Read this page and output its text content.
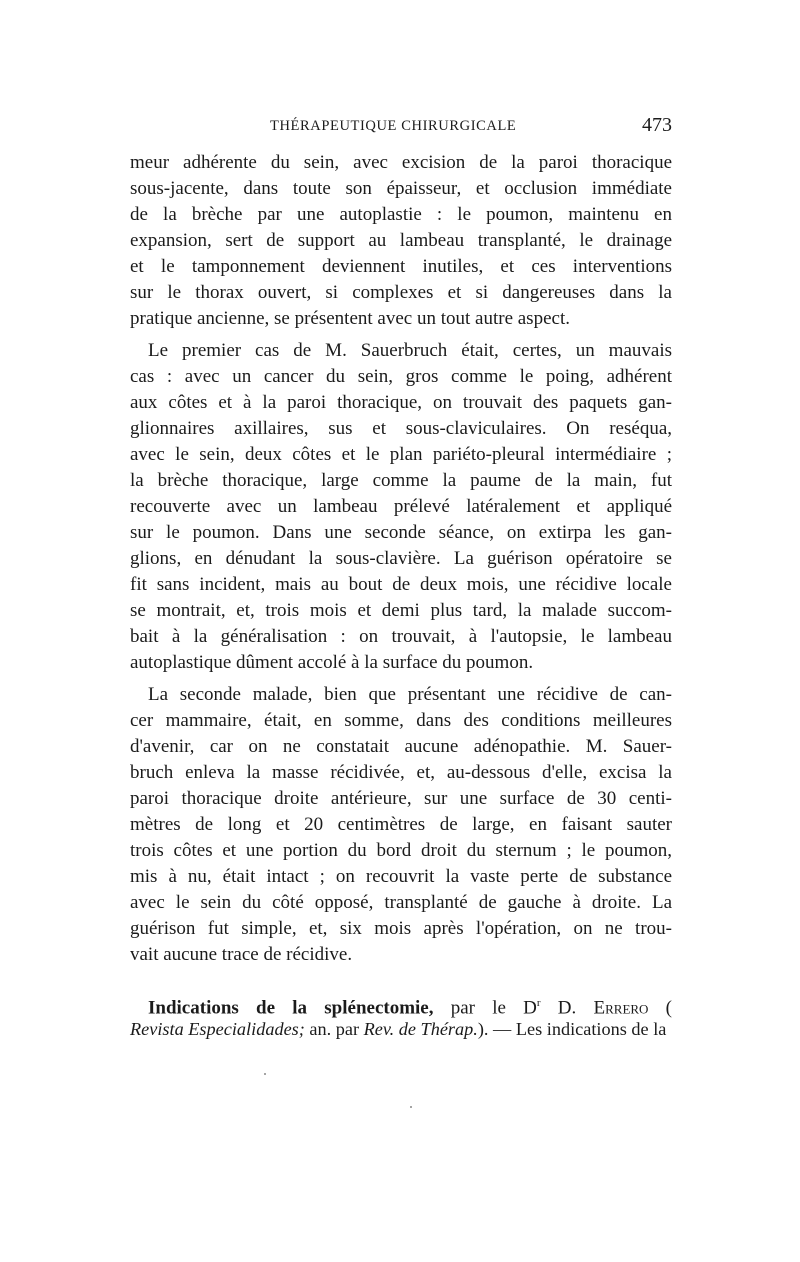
THÉRAPEUTIQUE CHIRURGICALE	473
meur adhérente du sein, avec excision de la paroi thoracique
sous-jacente, dans toute son épaisseur, et occlusion immédiate
de la brèche par une autoplastie : le poumon, maintenu en
expansion, sert de support au lambeau transplanté, le drainage
et le tamponnement deviennent inutiles, et ces interventions
sur le thorax ouvert, si complexes et si dangereuses dans la
pratique ancienne, se présentent avec un tout autre aspect.
Le premier cas de M. Sauerbruch était, certes, un mauvais
cas : avec un cancer du sein, gros comme le poing, adhérent
aux côtes et à la paroi thoracique, on trouvait des paquets gan-
glionnaires axillaires, sus et sous-claviculaires. On reséqua,
avec le sein, deux côtes et le plan pariéto-pleural intermédiaire ;
la brèche thoracique, large comme la paume de la main, fut
recouverte avec un lambeau prélevé latéralement et appliqué
sur le poumon. Dans une seconde séance, on extirpa les gan-
glions, en dénudant la sous-clavière. La guérison opératoire se
fit sans incident, mais au bout de deux mois, une récidive locale
se montrait, et, trois mois et demi plus tard, la malade succom-
bait à la généralisation : on trouvait, à l'autopsie, le lambeau
autoplastique dûment accolé à la surface du poumon.
La seconde malade, bien que présentant une récidive de can-
cer mammaire, était, en somme, dans des conditions meilleures
d'avenir, car on ne constatait aucune adénopathie. M. Sauer-
bruch enleva la masse récidivée, et, au-dessous d'elle, excisa la
paroi thoracique droite antérieure, sur une surface de 30 centi-
mètres de long et 20 centimètres de large, en faisant sauter
trois côtes et une portion du bord droit du sternum ; le poumon,
mis à nu, était intact ; on recouvrit la vaste perte de substance
avec le sein du côté opposé, transplanté de gauche à droite. La
guérison fut simple, et, six mois après l'opération, on ne trou-
vait aucune trace de récidive.
Indications de la splénectomie, par le $D^r$ D. Errero (
Revista Especialidades; an. par Rev. de Thérap.). — Les indications de la
